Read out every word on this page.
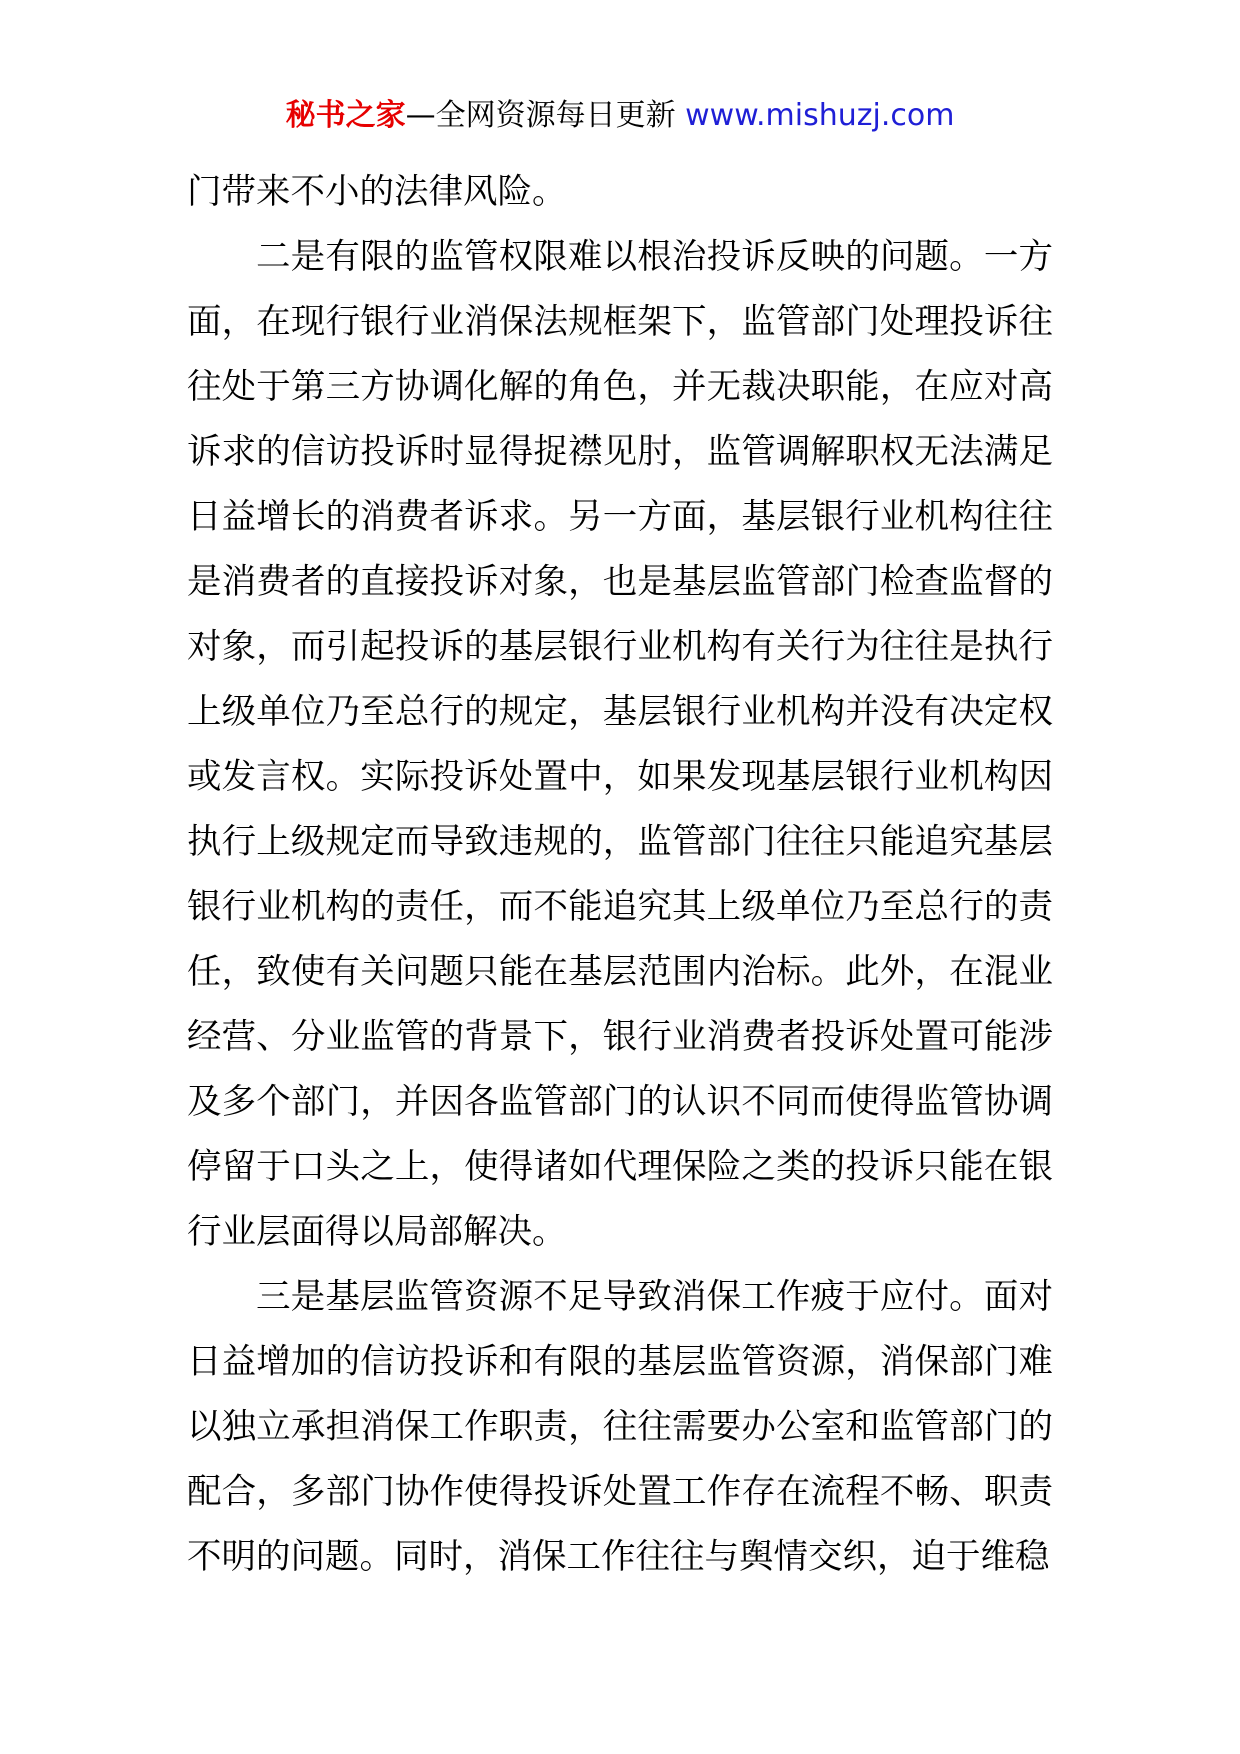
秘书之家—全网资源每日更新 www.mishuzj.com

门带来不小的法律风险。

二是有限的监管权限难以根治投诉反映的问题。一方面，在现行银行业消保法规框架下，监管部门处理投诉往往处于第三方协调化解的角色，并无裁决职能，在应对高诉求的信访投诉时显得捉襟见肘，监管调解职权无法满足日益增长的消费者诉求。另一方面，基层银行业机构往往是消费者的直接投诉对象，也是基层监管部门检查监督的对象，而引起投诉的基层银行业机构有关行为往往是执行上级单位乃至总行的规定，基层银行业机构并没有决定权或发言权。实际投诉处置中，如果发现基层银行业机构因执行上级规定而导致违规的，监管部门往往只能追究基层银行业机构的责任，而不能追究其上级单位乃至总行的责任，致使有关问题只能在基层范围内治标。此外，在混业经营、分业监管的背景下，银行业消费者投诉处置可能涉及多个部门，并因各监管部门的认识不同而使得监管协调停留于口头之上，使得诸如代理保险之类的投诉只能在银行业层面得以局部解决。

三是基层监管资源不足导致消保工作疲于应付。面对日益增加的信访投诉和有限的基层监管资源，消保部门难以独立承担消保工作职责，往往需要办公室和监管部门的配合，多部门协作使得投诉处置工作存在流程不畅、职责不明的问题。同时，消保工作往往与舆情交织，迫于维稳
